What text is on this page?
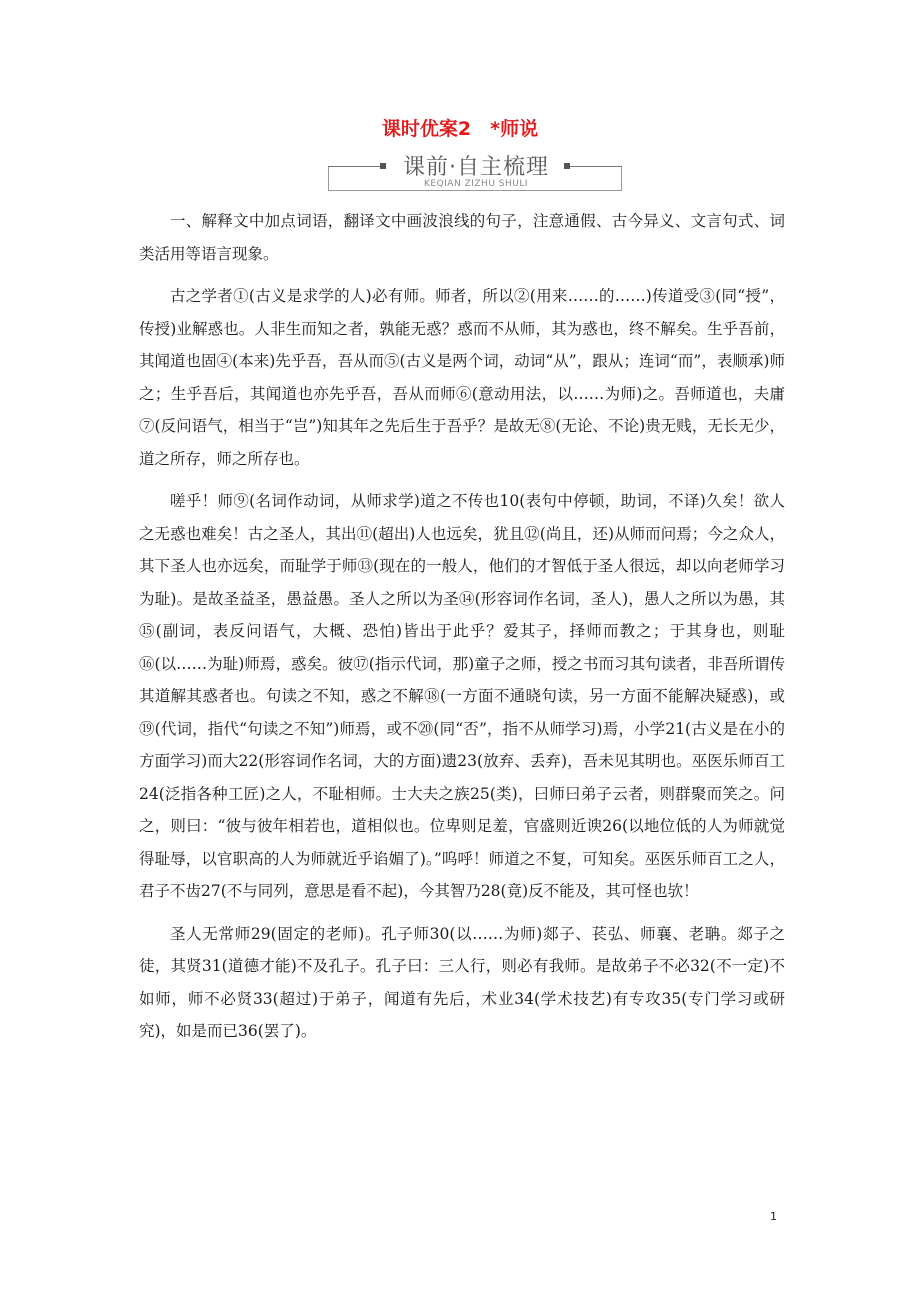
课时优案2　*师说
课前·自主梳理
KEQIAN ZIZHU SHULI

一、解释文中加点词语，翻译文中画波浪线的句子，注意通假、古今异义、文言句式、词类活用等语言现象。

古之学者①(古义是求学的人)必有师。师者，所以②(用来……的……)传道受③(同“授”，传授)业解惑也。人非生而知之者，孰能无惑？惑而不从师，其为惑也，终不解矣。生乎吾前，其闻道也固④(本来)先乎吾，吾从而⑤(古义是两个词，动词“从”，跟从；连词“而”，表顺承)师之；生乎吾后，其闻道也亦先乎吾，吾从而师⑥(意动用法，以……为师)之。吾师道也，夫庸⑦(反问语气，相当于“岂”)知其年之先后生于吾乎？是故无⑧(无论、不论)贵无贱，无长无少，道之所存，师之所存也。

嗟乎！师⑨(名词作动词，从师求学)道之不传也10(表句中停顿，助词，不译)久矣！欲人之无惑也难矣！古之圣人，其出⑪(超出)人也远矣，犹且⑫(尚且，还)从师而问焉；今之众人，其下圣人也亦远矣，而耻学于师⑬(现在的一般人，他们的才智低于圣人很远，却以向老师学习为耻)。是故圣益圣，愚益愚。圣人之所以为圣⑭(形容词作名词，圣人)，愚人之所以为愚，其⑮(副词，表反问语气，大概、恐怕)皆出于此乎？爱其子，择师而教之；于其身也，则耻⑯(以……为耻)师焉，惑矣。彼⑰(指示代词，那)童子之师，授之书而习其句读者，非吾所谓传其道解其惑者也。句读之不知，惑之不解⑱(一方面不通晓句读，另一方面不能解决疑惑)，或⑲(代词，指代“句读之不知”)师焉，或不⑳(同“否”，指不从师学习)焉，小学21(古义是在小的方面学习)而大22(形容词作名词，大的方面)遗23(放弃、丢弃)，吾未见其明也。巫医乐师百工24(泛指各种工匠)之人，不耻相师。士大夫之族25(类)，曰师曰弟子云者，则群聚而笑之。问之，则曰：“彼与彼年相若也，道相似也。位卑则足羞，官盛则近谀26(以地位低的人为师就觉得耻辱，以官职高的人为师就近乎谄媚了)。”呜呼！师道之不复，可知矣。巫医乐师百工之人，君子不齿27(不与同列，意思是看不起)，今其智乃28(竟)反不能及，其可怪也欤！

圣人无常师29(固定的老师)。孔子师30(以……为师)郯子、苌弘、师襄、老聃。郯子之徒，其贤31(道德才能)不及孔子。孔子曰：三人行，则必有我师。是故弟子不必32(不一定)不如师，师不必贤33(超过)于弟子，闻道有先后，术业34(学术技艺)有专攻35(专门学习或研究)，如是而已36(罢了)。

1
